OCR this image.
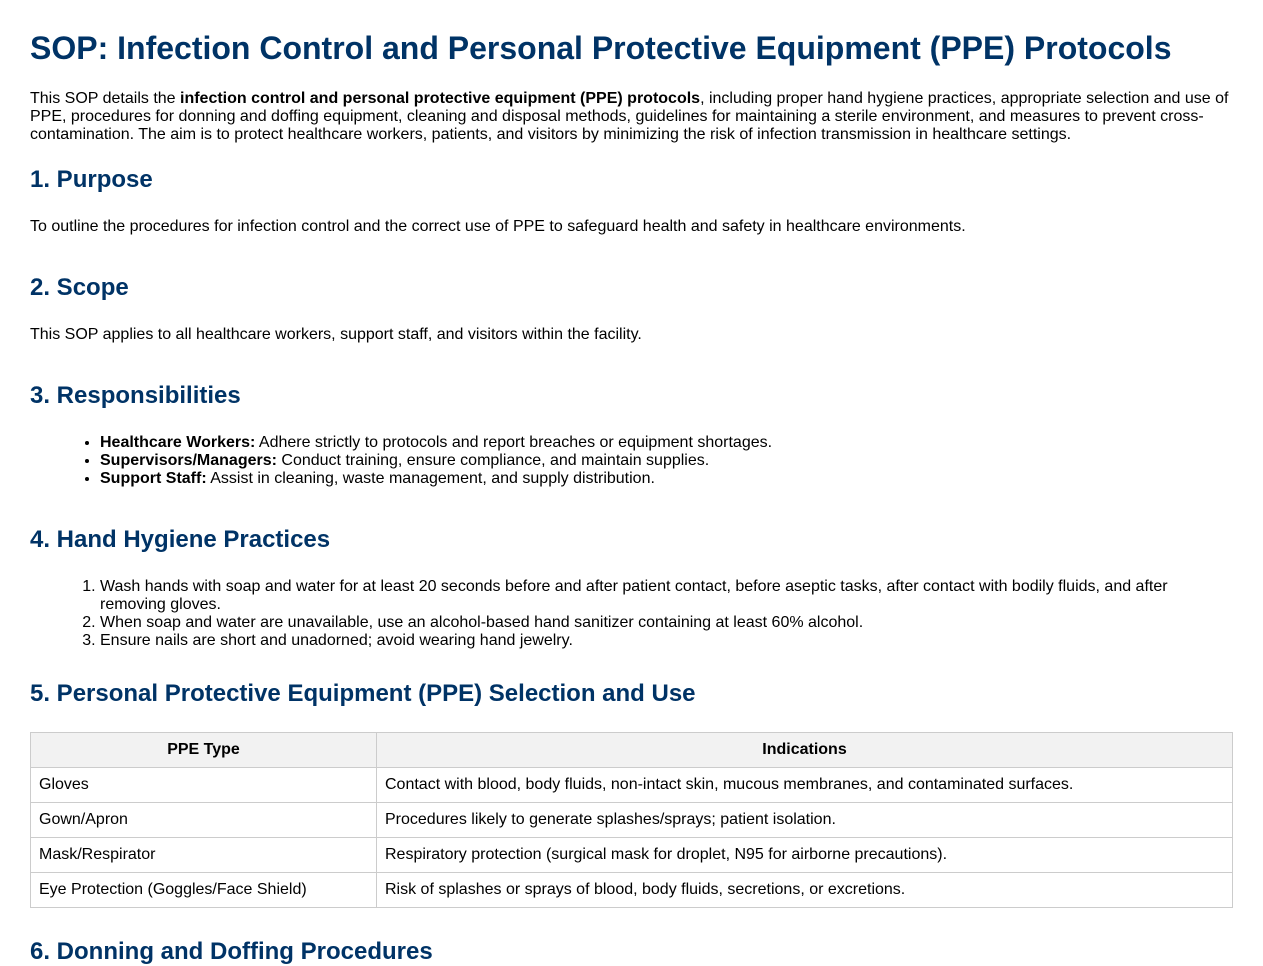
SOP: Infection Control and Personal Protective Equipment (PPE) Protocols

This SOP details the infection control and personal protective equipment (PPE) protocols, including proper hand hygiene practices, appropriate selection and use of PPE, procedures for donning and doffing equipment, cleaning and disposal methods, guidelines for maintaining a sterile environment, and measures to prevent cross-contamination. The aim is to protect healthcare workers, patients, and visitors by minimizing the risk of infection transmission in healthcare settings.

1. Purpose

To outline the procedures for infection control and the correct use of PPE to safeguard health and safety in healthcare environments.

2. Scope

This SOP applies to all healthcare workers, support staff, and visitors within the facility.

3. Responsibilities
• Healthcare Workers: Adhere strictly to protocols and report breaches or equipment shortages.
• Supervisors/Managers: Conduct training, ensure compliance, and maintain supplies.
• Support Staff: Assist in cleaning, waste management, and supply distribution.
4. Hand Hygiene Practices
1. Wash hands with soap and water for at least 20 seconds before and after patient contact, before aseptic tasks, after contact with bodily fluids, and after removing gloves.
2. When soap and water are unavailable, use an alcohol-based hand sanitizer containing at least 60% alcohol.
3. Ensure nails are short and unadorned; avoid wearing hand jewelry.
5. Personal Protective Equipment (PPE) Selection and Use
PPE Type	Indications
Gloves	Contact with blood, body fluids, non-intact skin, mucous membranes, and contaminated surfaces.
Gown/Apron	Procedures likely to generate splashes/sprays; patient isolation.
Mask/Respirator	Respiratory protection (surgical mask for droplet, N95 for airborne precautions).
Eye Protection (Goggles/Face Shield)	Risk of splashes or sprays of blood, body fluids, secretions, or excretions.
6. Donning and Doffing Procedures
